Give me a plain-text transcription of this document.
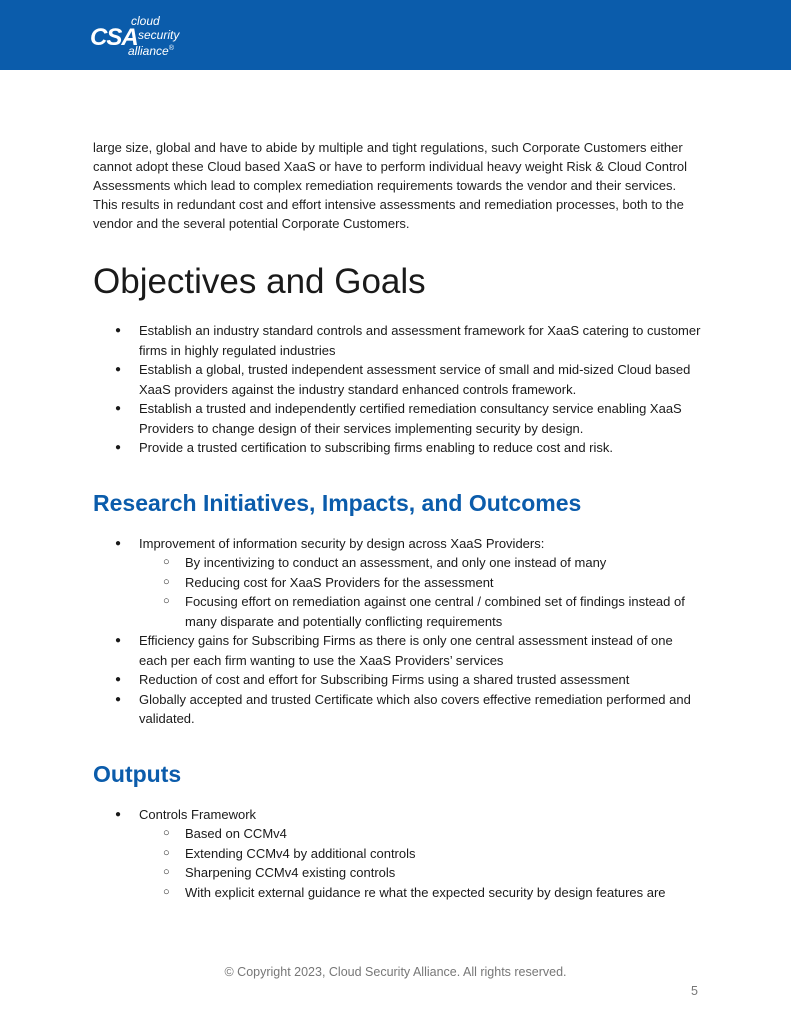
CSA
cloud
security
alliance®

large size, global and have to abide by multiple and tight regulations, such Corporate Customers either cannot adopt these Cloud based XaaS or have to perform individual heavy weight Risk & Cloud Control Assessments which lead to complex remediation requirements towards the vendor and their services. This results in redundant cost and effort intensive assessments and remediation processes, both to the vendor and the several potential Corporate Customers.

Objectives and Goals
● Establish an industry standard controls and assessment framework for XaaS catering to customer firms in highly regulated industries
● Establish a global, trusted independent assessment service of small and mid-sized Cloud based XaaS providers against the industry standard enhanced controls framework.
● Establish a trusted and independently certified remediation consultancy service enabling XaaS Providers to change design of their services implementing security by design.
● Provide a trusted certification to subscribing firms enabling to reduce cost and risk.
Research Initiatives, Impacts, and Outcomes
● Improvement of information security by design across XaaS Providers:
○ By incentivizing to conduct an assessment, and only one instead of many
○ Reducing cost for XaaS Providers for the assessment
○ Focusing effort on remediation against one central / combined set of findings instead of many disparate and potentially conflicting requirements
● Efficiency gains for Subscribing Firms as there is only one central assessment instead of one each per each firm wanting to use the XaaS Providers’ services
● Reduction of cost and effort for Subscribing Firms using a shared trusted assessment
● Globally accepted and trusted Certificate which also covers effective remediation performed and validated.
Outputs
● Controls Framework
○ Based on CCMv4
○ Extending CCMv4 by additional controls
○ Sharpening CCMv4 existing controls
○ With explicit external guidance re what the expected security by design features are
© Copyright 2023, Cloud Security Alliance. All rights reserved.
5
